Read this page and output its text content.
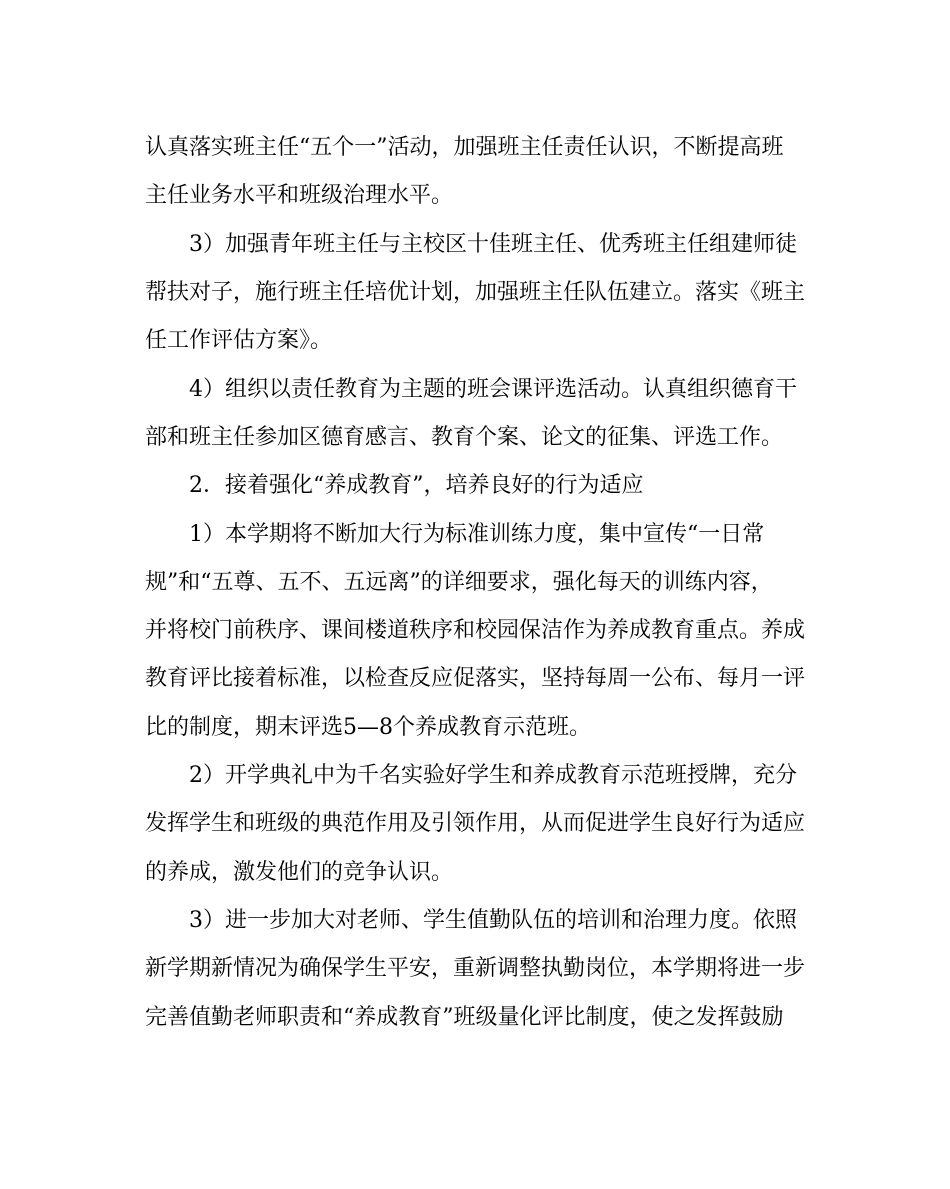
认真落实班主任“五个一”活动，加强班主任责任认识，不断提高班
主任业务水平和班级治理水平。
3）加强青年班主任与主校区十佳班主任、优秀班主任组建师徒
帮扶对子，施行班主任培优计划，加强班主任队伍建立。落实《班主
任工作评估方案》。
4）组织以责任教育为主题的班会课评选活动。认真组织德育干
部和班主任参加区德育感言、教育个案、论文的征集、评选工作。
2．接着强化“养成教育”，培养良好的行为适应
1）本学期将不断加大行为标准训练力度，集中宣传“一日常
规”和“五尊、五不、五远离”的详细要求，强化每天的训练内容，
并将校门前秩序、课间楼道秩序和校园保洁作为养成教育重点。养成
教育评比接着标准，以检查反应促落实，坚持每周一公布、每月一评
比的制度，期末评选5—8个养成教育示范班。
2）开学典礼中为千名实验好学生和养成教育示范班授牌，充分
发挥学生和班级的典范作用及引领作用，从而促进学生良好行为适应
的养成，激发他们的竞争认识。
3）进一步加大对老师、学生值勤队伍的培训和治理力度。依照
新学期新情况为确保学生平安，重新调整执勤岗位，本学期将进一步
完善值勤老师职责和“养成教育”班级量化评比制度，使之发挥鼓励
